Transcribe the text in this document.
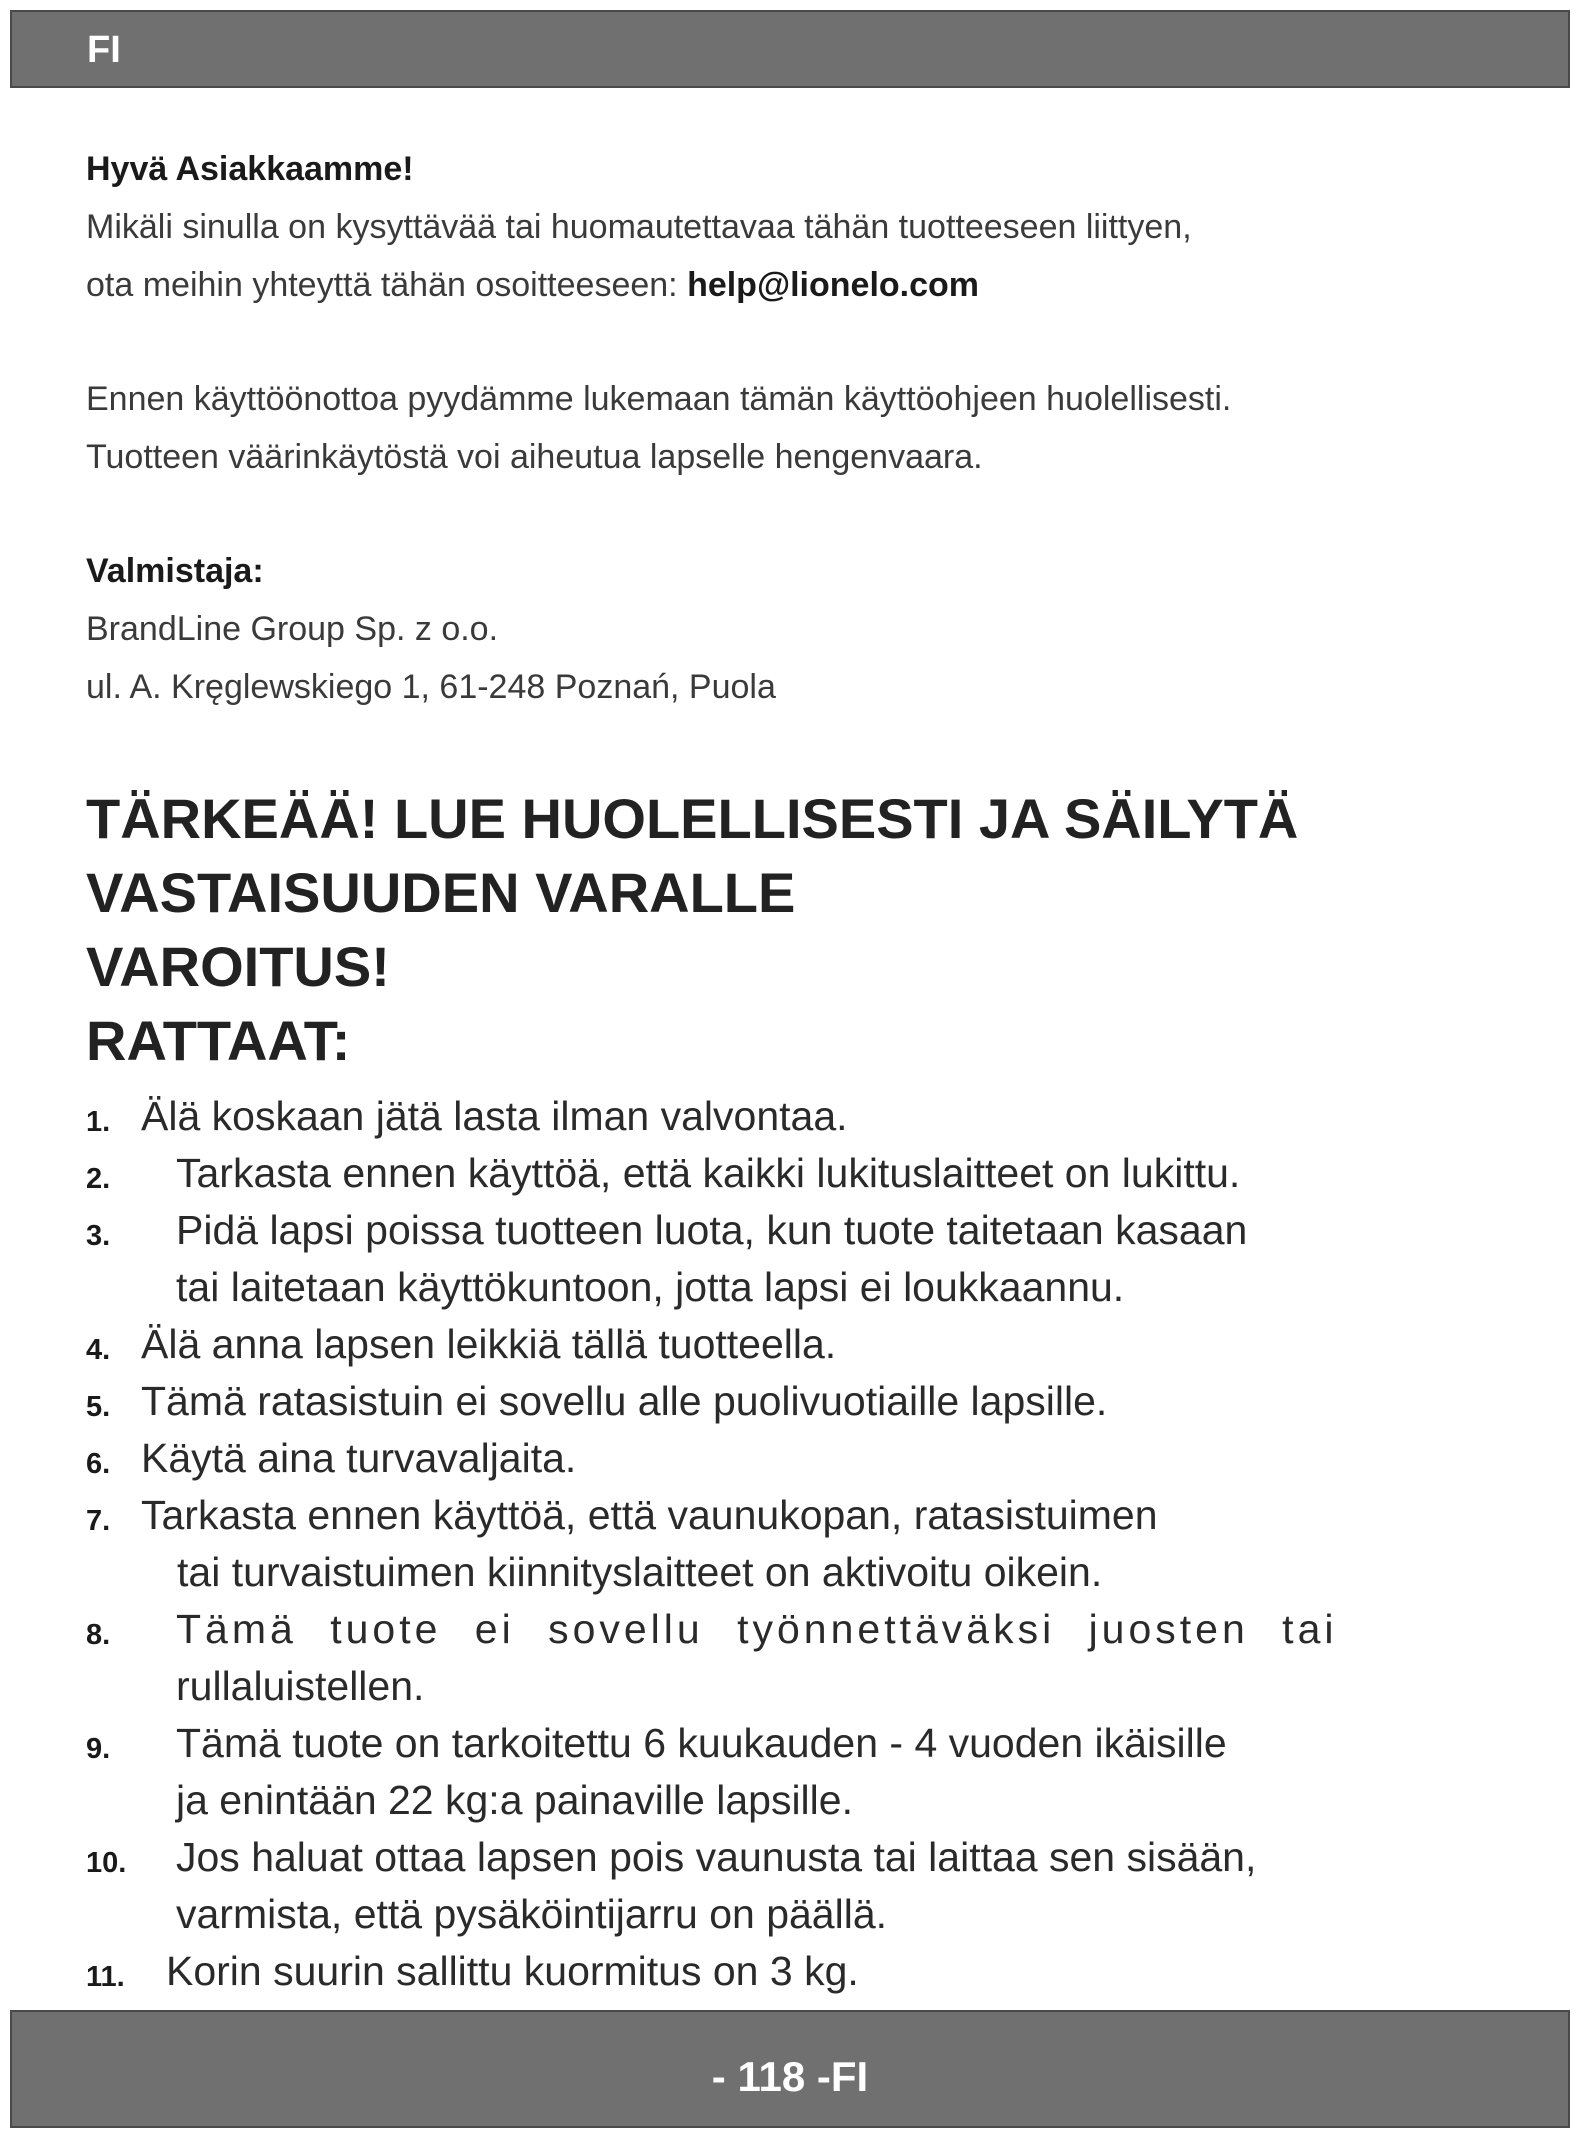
FI
Hyvä Asiakkaamme!
Mikäli sinulla on kysyttävää tai huomautettavaa tähän tuotteeseen liittyen,
ota meihin yhteyttä tähän osoitteeseen: help@lionelo.com
Ennen käyttöönottoa pyydämme lukemaan tämän käyttöohjeen huolellisesti.
Tuotteen väärinkäytöstä voi aiheutua lapselle hengenvaara.
Valmistaja:
BrandLine Group Sp. z o.o.
ul. A. Kręglewskiego 1, 61-248 Poznań, Puola
TÄRKEÄÄ! LUE HUOLELLISESTI JA SÄILYTÄ
VASTAISUUDEN VARALLE
VAROITUS!
RATTAAT:
1. Älä koskaan jätä lasta ilman valvontaa.
2. Tarkasta ennen käyttöä, että kaikki lukituslaitteet on lukittu.
3. Pidä lapsi poissa tuotteen luota, kun tuote taitetaan kasaan
tai laitetaan käyttökuntoon, jotta lapsi ei loukkaannu.
4. Älä anna lapsen leikkiä tällä tuotteella.
5. Tämä ratasistuin ei sovellu alle puolivuotiaille lapsille.
6. Käytä aina turvavaljaita.
7. Tarkasta ennen käyttöä, että vaunukopan, ratasistuimen
tai turvaistuimen kiinnityslaitteet on aktivoitu oikein.
8. Tämä tuote ei sovellu työnnettäväksi juosten tai
rullaluistellen.
9. Tämä tuote on tarkoitettu 6 kuukauden - 4 vuoden ikäisille
ja enintään 22 kg:a painaville lapsille.
10. Jos haluat ottaa lapsen pois vaunusta tai laittaa sen sisään,
varmista, että pysäköintijarru on päällä.
11. Korin suurin sallittu kuormitus on 3 kg.
- 118 -FI
